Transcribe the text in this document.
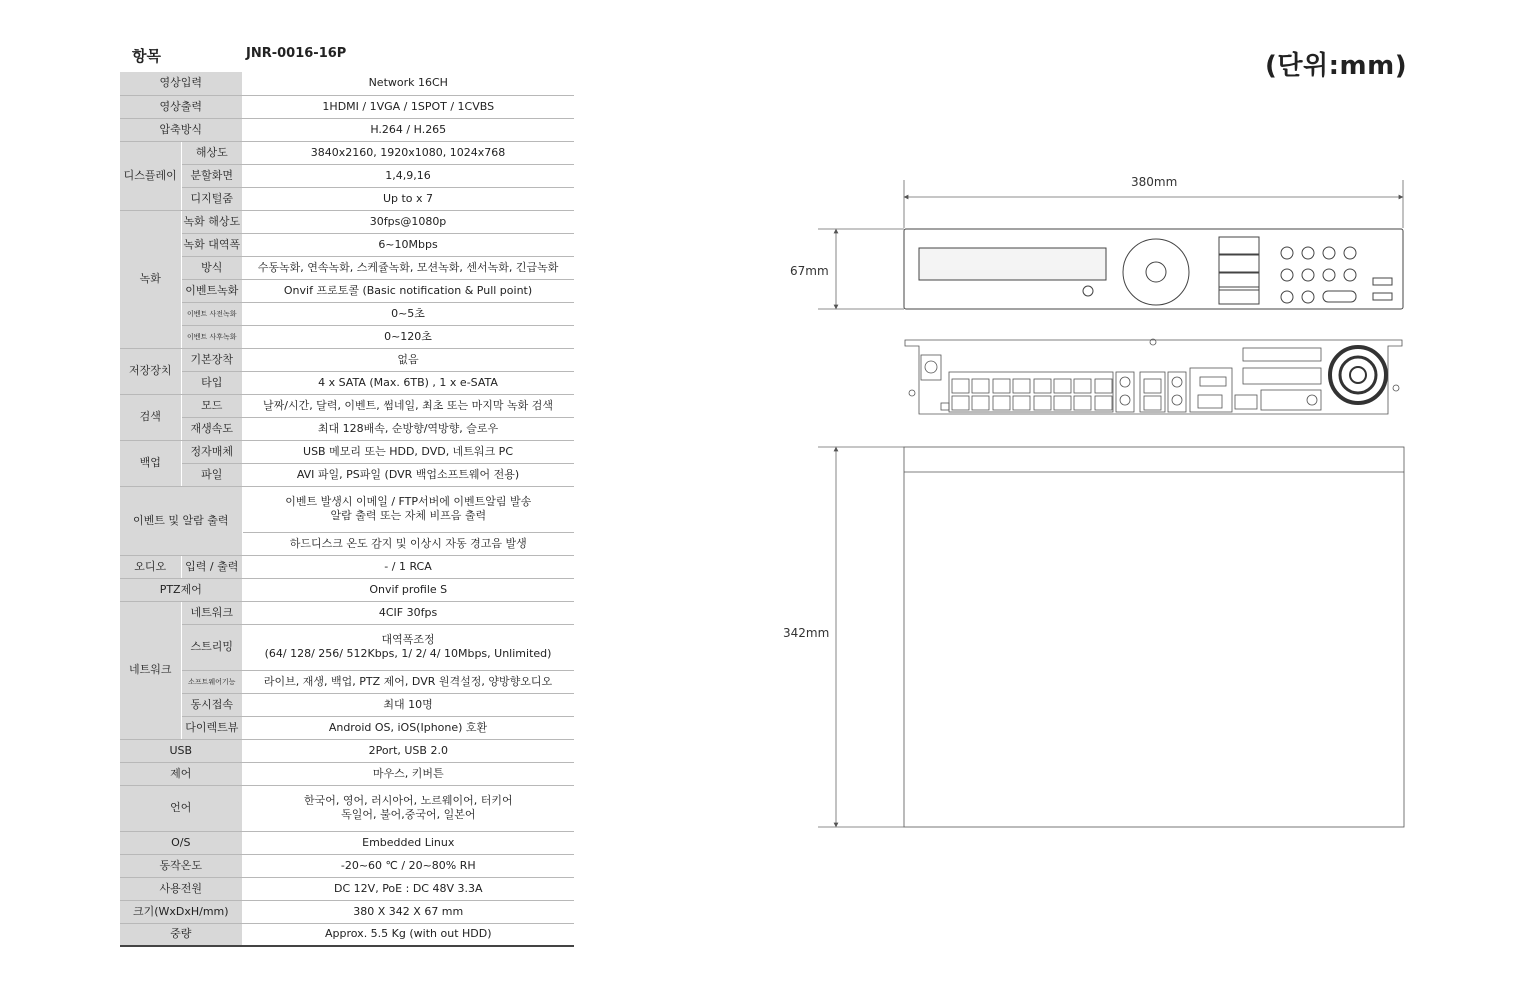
항목	JNR-0016-16P
영상입력		Network 16CH
영상출력		1HDMI / 1VGA / 1SPOT / 1CVBS
압축방식		H.264 / H.265
디스플레이	해상도	3840x2160, 1920x1080, 1024x768
	분할화면	1,4,9,16
	디지털줌	Up to x 7
녹화	녹화 해상도	30fps@1080p
	녹화 대역폭	6~10Mbps
	방식	수동녹화, 연속녹화, 스케쥴녹화, 모션녹화, 센서녹화, 긴급녹화
	이벤트녹화	Onvif 프로토콜 (Basic notification & Pull point)
	이벤트 사전녹화	0~5초
	이벤트 사후녹화	0~120초
저장장치	기본장착	없음
	타입	4 x SATA (Max. 6TB) , 1 x e-SATA
검색	모드	날짜/시간, 달력, 이벤트, 썸네일, 최초 또는 마지막 녹화 검색
	재생속도	최대 128배속, 순방향/역방향, 슬로우
백업	정자매체	USB 메모리 또는 HDD, DVD, 네트워크 PC
	파일	AVI 파일, PS파일 (DVR 백업소프트웨어 전용)
이벤트 및 알람 출력		이벤트 발생시 이메일 / FTP서버에 이벤트알림 발송
알람 출력 또는 자체 비프음 출력
		하드디스크 온도 감지 및 이상시 자동 경고음 발생
오디오	입력 / 출력	- / 1 RCA
PTZ제어		Onvif profile S
네트워크	네트워크	4CIF 30fps
	스트리밍	대역폭조정
(64/ 128/ 256/ 512Kbps, 1/ 2/ 4/ 10Mbps, Unlimited)
	소프트웨어기능	라이브, 재생, 백업, PTZ 제어, DVR 원격설정, 양방향오디오
	동시접속	최대 10명
	다이렉트뷰	Android OS, iOS(Iphone) 호환
USB		2Port, USB 2.0
제어		마우스, 키버튼
언어		한국어, 영어, 러시아어, 노르웨이어, 터키어
독일어, 불어,중국어, 일본어
O/S		Embedded Linux
동작온도		-20~60 ℃ / 20~80% RH
사용전원		DC 12V, PoE : DC 48V 3.3A
크기(WxDxH/mm)		380 X 342 X 67 mm
중량		Approx. 5.5 Kg (with out HDD)
(단위:mm)
380mm
67mm
342mm
